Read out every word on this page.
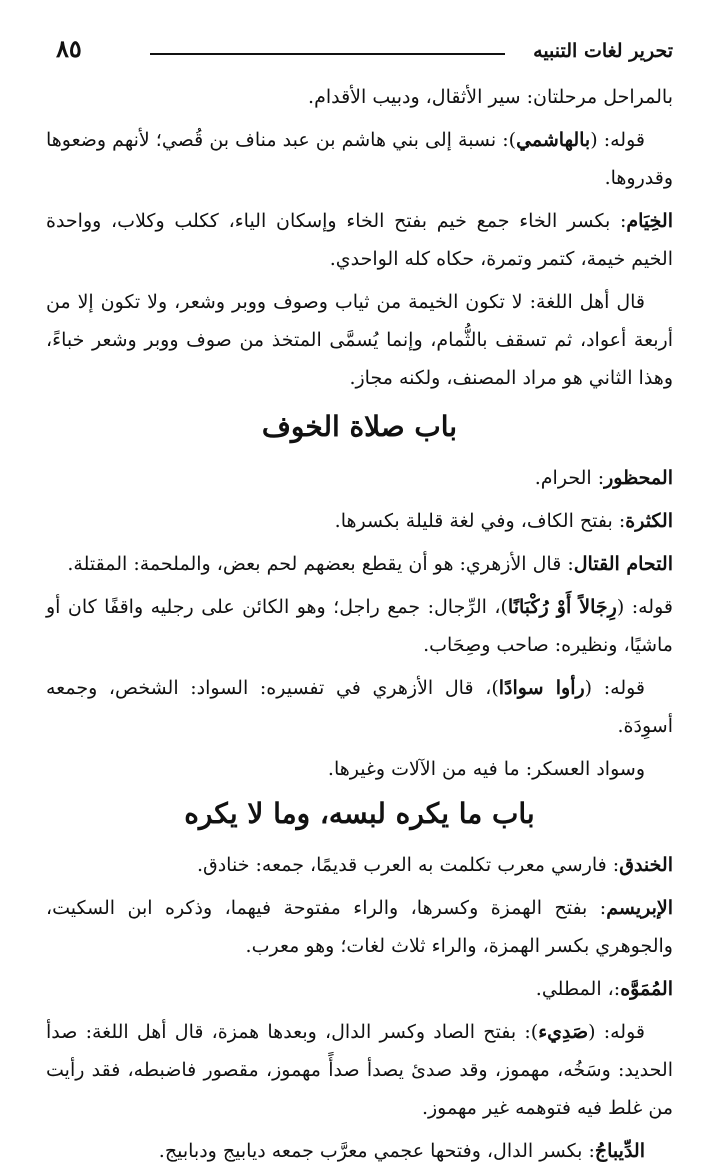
٨٥	تحرير لغات التنبيه

بالمراحل مرحلتان: سير الأثقال، ودبيب الأقدام.

قوله: (بالهاشمي): نسبة إلى بني هاشم بن عبد مناف بن قُصي؛ لأنهم وضعوها وقدروها.

الخِيَام: بكسر الخاء جمع خيم بفتح الخاء وإسكان الياء، ككلب وكلاب، وواحدة الخيم خيمة، كتمر وتمرة، حكاه كله الواحدي.

قال أهل اللغة: لا تكون الخيمة من ثياب وصوف ووبر وشعر، ولا تكون إلا من أربعة أعواد، ثم تسقف بالثُّمام، وإنما يُسمَّى المتخذ من صوف ووبر وشعر خباءً، وهذا الثاني هو مراد المصنف، ولكنه مجاز.

باب صلاة الخوف

المحظور: الحرام.

الكثرة: بفتح الكاف، وفي لغة قليلة بكسرها.

التحام القتال: قال الأزهري: هو أن يقطع بعضهم لحم بعض، والملحمة: المقتلة.

قوله: (رِجَالاً أَوْ رُكْبَانًا)، الرِّجال: جمع راجل؛ وهو الكائن على رجليه واقفًا كان أو ماشيًا، ونظيره: صاحب وصِحَاب.

قوله: (رأوا سوادًا)، قال الأزهري في تفسيره: السواد: الشخص، وجمعه أسوِدَة.

وسواد العسكر: ما فيه من الآلات وغيرها.

باب ما يكره لبسه، وما لا يكره

الخندق: فارسي معرب تكلمت به العرب قديمًا، جمعه: خنادق.

الإبريسم: بفتح الهمزة وكسرها، والراء مفتوحة فيهما، وذكره ابن السكيت، والجوهري بكسر الهمزة، والراء ثلاث لغات؛ وهو معرب.

المُمَوَّه:، المطلي.

قوله: (صَدِيء): بفتح الصاد وكسر الدال، وبعدها همزة، قال أهل اللغة: صدأ الحديد: وسَخُه، مهموز، وقد صدئ يصدأ صدأً مهموز، مقصور فاضبطه، فقد رأيت من غلط فيه فتوهمه غير مهموز.

الدِّيباجُ: بكسر الدال، وفتحها عجمي معرَّب جمعه ديابيج ودبابيج.
